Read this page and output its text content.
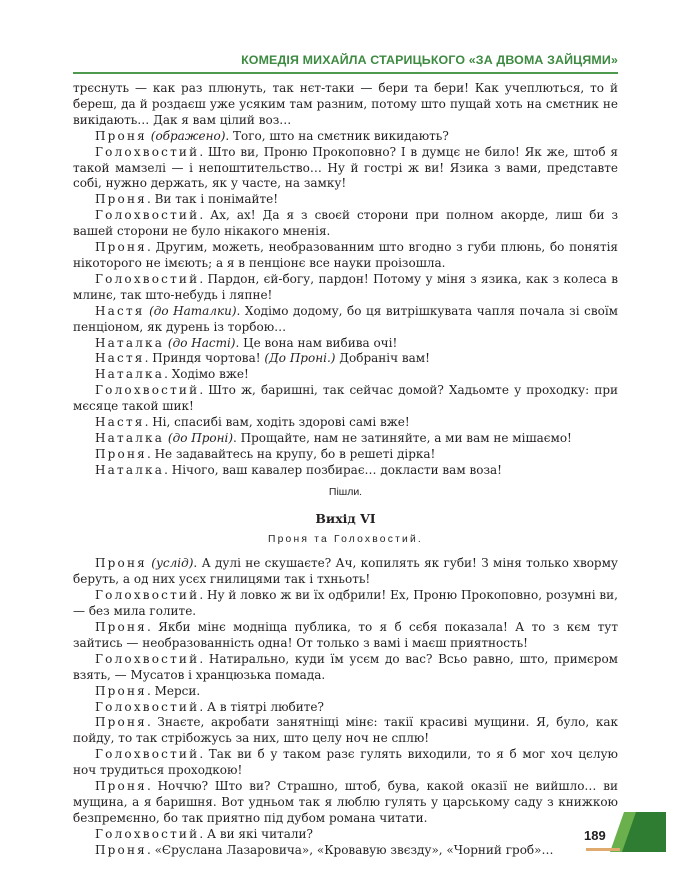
КОМЕДІЯ МИХАЙЛА СТАРИЦЬКОГО «ЗА ДВОМА ЗАЙЦЯМИ»

трєснуть — как раз плюнуть, так нєт-таки — бери та бери! Как учеплються, то й береш, да й роздаєш уже усяким там разним, потому што пущай хоть на смєтник не викідають… Дак я вам цілий воз…

Проня (ображено). Того, што на смєтник викидають?

Голохвостий. Што ви, Проню Прокоповно? І в думцє не било! Як же, штоб я такой мамзелі — і непоштительство… Ну й гострі ж ви! Язика з вами, представте собі, нужно держать, як у часте, на замку!

Проня. Ви так і понімайте!

Голохвостий. Ах, ах! Да я з своєй сторони при полном акорде, лиш би з вашей сторони не було нікакого мненія.

Проня. Другим, можеть, необразованним што вгодно з губи плюнь, бо понятія нікоторого не імєють; а я в пенціонє все науки проізошла.

Голохвостий. Пардон, єй-богу, пардон! Потому у міня з язика, как з колеса в млинє, так што-небудь і ляпне!

Настя (до Наталки). Ходімо додому, бо ця витрішкувата чапля почала зі своїм пенціоном, як дурень із торбою…

Наталка (до Насті). Це вона нам вибива очі!

Настя. Приндя чортова! (До Проні.) Добраніч вам!

Наталка. Ходімо вже!

Голохвостий. Што ж, баришні, так сейчас домой? Хадьомте у проходку: при мєсяце такой шик!

Настя. Ні, спасибі вам, ходіть здорові самі вже!

Наталка (до Проні). Прощайте, нам не затиняйте, а ми вам не мішаємо!

Проня. Не задавайтесь на крупу, бо в решеті дірка!

Наталка. Нічого, ваш кавалер позбирає… докласти вам воза!

Пішли.
Вихід VI
Проня та Голохвостий.

Проня (услід). А дулі не скушаєте? Ач, копилять як губи! З міня только хворму беруть, а од них усєх гнилицями так і тхньоть!

Голохвостий. Ну й ловко ж ви їх одбрили! Ех, Проню Прокоповно, розумні ви, — без мила голите.

Проня. Якби мінє модніща публика, то я б сєбя показала! А то з кєм тут зайтись — необразованність одна! От только з вамі і маєш приятность!

Голохвостий. Натирально, куди їм усєм до вас? Всьо равно, што, примєром взять, — Мусатов і хранцюзька помада.

Проня. Мерси.

Голохвостий. А в тіятрі любите?

Проня. Знаєте, акробати занятніщі мінє: такії красиві мущини. Я, було, как пойду, то так стрібожусь за них, што целу ноч не сплю!

Голохвостий. Так ви б у таком разє гулять виходили, то я б мог хоч цєлую ноч трудиться проходкою!

Проня. Ноччю? Што ви? Страшно, штоб, бува, какой оказії не вийшло… ви мущина, а я баришня. Вот удньом так я люблю гулять у царському саду з книжкою безпремєнно, бо так приятно під дубом романа читати.

Голохвостий. А ви які читали?

Проня. «Єруслана Лазаровича», «Кровавую звєзду», «Чорний гроб»…

189
